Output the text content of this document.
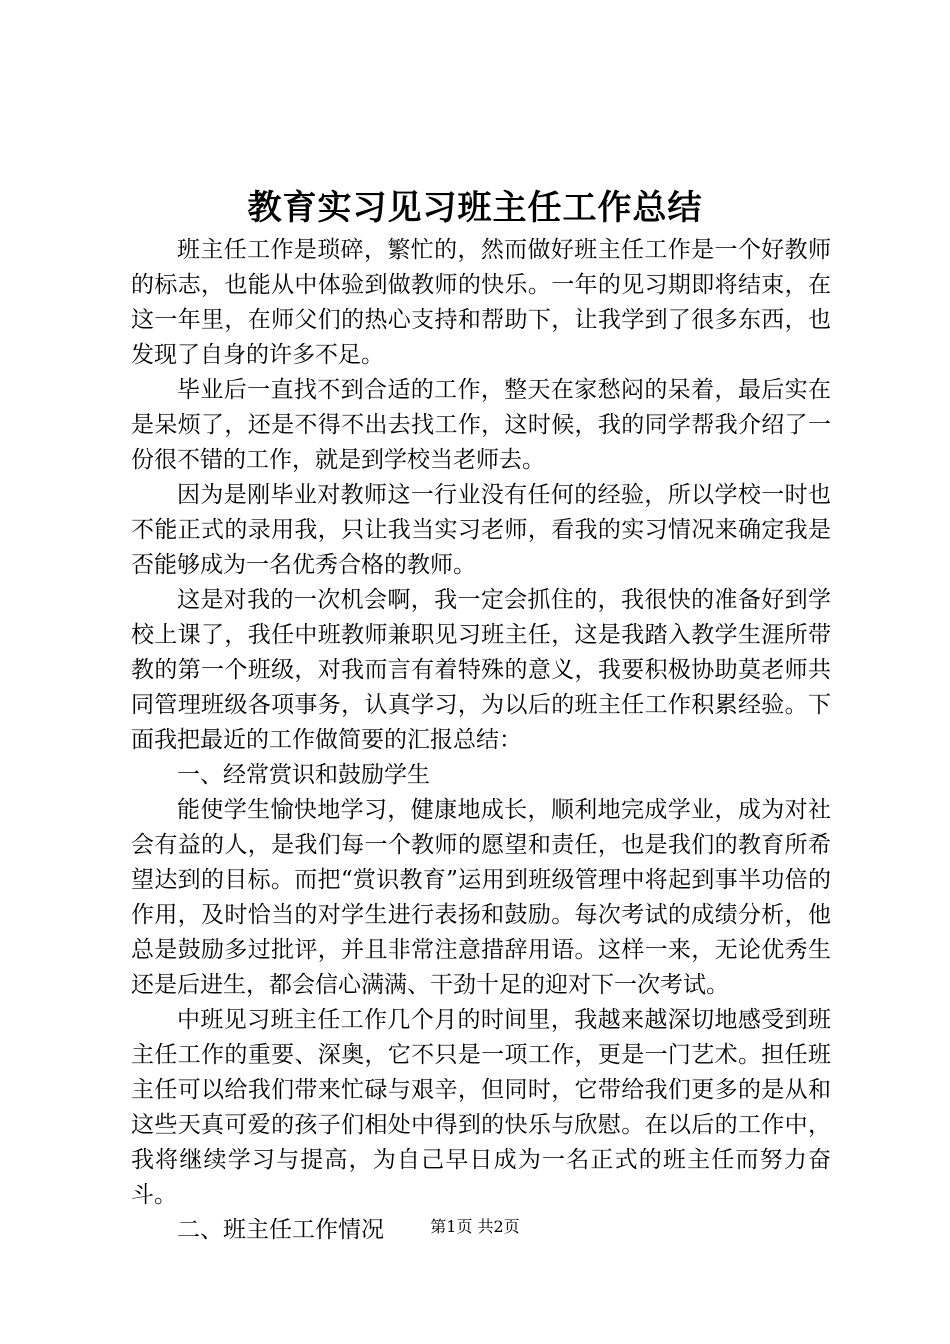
教育实习见习班主任工作总结

班主任工作是琐碎，繁忙的，然而做好班主任工作是一个好教师的标志，也能从中体验到做教师的快乐。一年的见习期即将结束，在这一年里，在师父们的热心支持和帮助下，让我学到了很多东西，也发现了自身的许多不足。

毕业后一直找不到合适的工作，整天在家愁闷的呆着，最后实在是呆烦了，还是不得不出去找工作，这时候，我的同学帮我介绍了一份很不错的工作，就是到学校当老师去。

因为是刚毕业对教师这一行业没有任何的经验，所以学校一时也不能正式的录用我，只让我当实习老师，看我的实习情况来确定我是否能够成为一名优秀合格的教师。

这是对我的一次机会啊，我一定会抓住的，我很快的准备好到学校上课了，我任中班教师兼职见习班主任，这是我踏入教学生涯所带教的第一个班级，对我而言有着特殊的意义，我要积极协助莫老师共同管理班级各项事务，认真学习，为以后的班主任工作积累经验。下面我把最近的工作做简要的汇报总结：

一、经常赏识和鼓励学生

能使学生愉快地学习，健康地成长，顺利地完成学业，成为对社会有益的人，是我们每一个教师的愿望和责任，也是我们的教育所希望达到的目标。而把“赏识教育”运用到班级管理中将起到事半功倍的作用，及时恰当的对学生进行表扬和鼓励。每次考试的成绩分析，他总是鼓励多过批评，并且非常注意措辞用语。这样一来，无论优秀生还是后进生，都会信心满满、干劲十足的迎对下一次考试。

中班见习班主任工作几个月的时间里，我越来越深切地感受到班主任工作的重要、深奥，它不只是一项工作，更是一门艺术。担任班主任可以给我们带来忙碌与艰辛，但同时，它带给我们更多的是从和这些天真可爱的孩子们相处中得到的快乐与欣慰。在以后的工作中，我将继续学习与提高，为自己早日成为一名正式的班主任而努力奋斗。

二、班主任工作情况	第1页 共2页
